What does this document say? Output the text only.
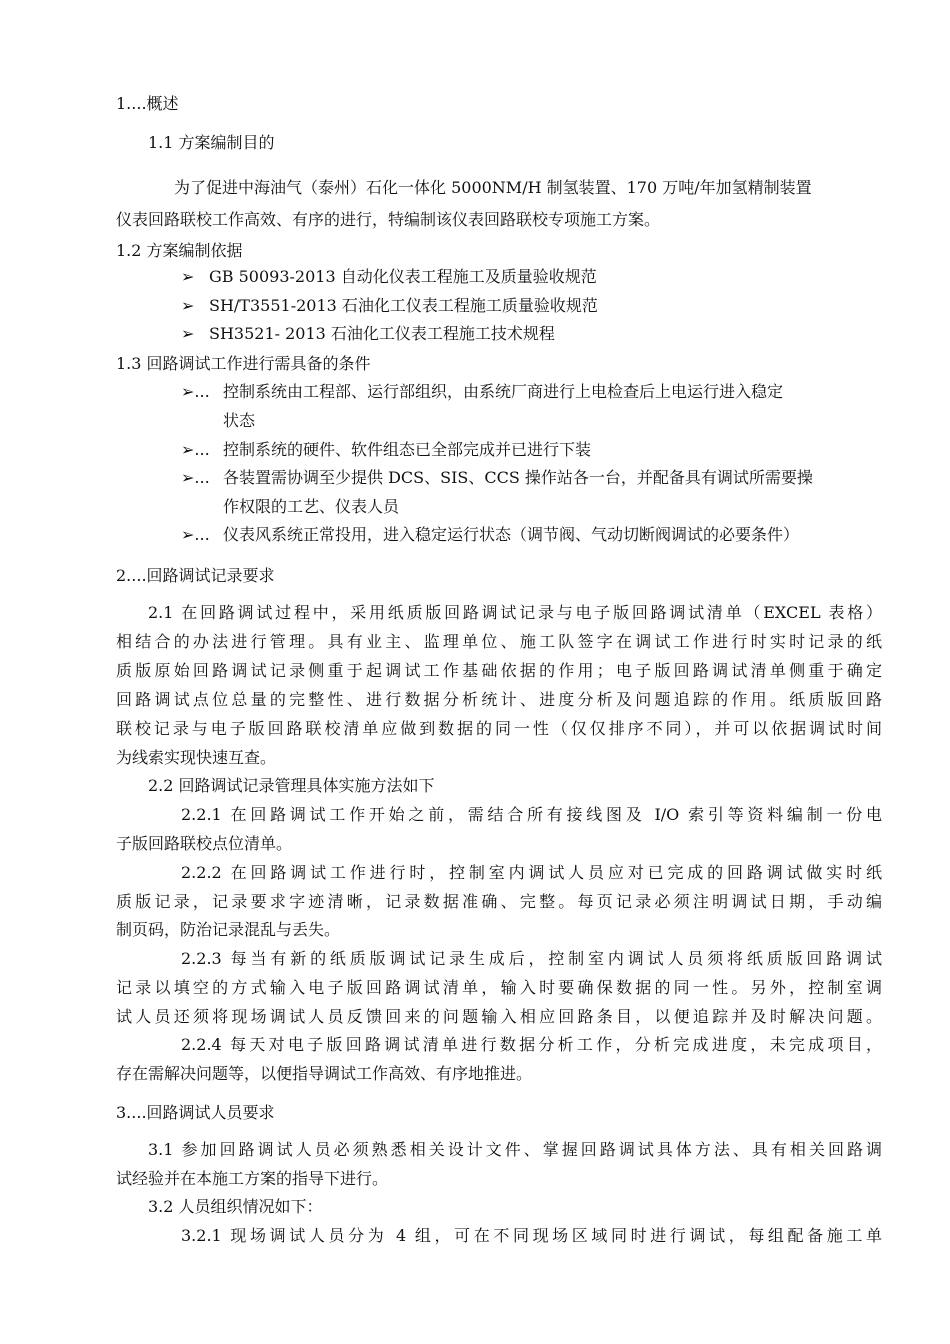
1....概述
1.1 方案编制目的
为了促进中海油气（泰州）石化一体化 5000NM/H 制氢装置、170 万吨/年加氢精制装置
仪表回路联校工作高效、有序的进行，特编制该仪表回路联校专项施工方案。
1.2 方案编制依据
➢ GB 50093-2013 自动化仪表工程施工及质量验收规范
➢ SH/T3551-2013 石油化工仪表工程施工质量验收规范
➢ SH3521- 2013 石油化工仪表工程施工技术规程
1.3 回路调试工作进行需具备的条件
➢... 控制系统由工程部、运行部组织，由系统厂商进行上电检查后上电运行进入稳定
状态
➢... 控制系统的硬件、软件组态已全部完成并已进行下装
➢... 各装置需协调至少提供 DCS、SIS、CCS 操作站各一台，并配备具有调试所需要操
作权限的工艺、仪表人员
➢... 仪表风系统正常投用，进入稳定运行状态（调节阀、气动切断阀调试的必要条件）
2....回路调试记录要求
2.1 在回路调试过程中，采用纸质版回路调试记录与电子版回路调试清单（EXCEL 表格）
相结合的办法进行管理。具有业主、监理单位、施工队签字在调试工作进行时实时记录的纸
质版原始回路调试记录侧重于起调试工作基础依据的作用；电子版回路调试清单侧重于确定
回路调试点位总量的完整性、进行数据分析统计、进度分析及问题追踪的作用。纸质版回路
联校记录与电子版回路联校清单应做到数据的同一性（仅仅排序不同），并可以依据调试时间
为线索实现快速互查。
2.2 回路调试记录管理具体实施方法如下
2.2.1 在回路调试工作开始之前，需结合所有接线图及 I/O 索引等资料编制一份电
子版回路联校点位清单。
2.2.2 在回路调试工作进行时，控制室内调试人员应对已完成的回路调试做实时纸
质版记录，记录要求字迹清晰，记录数据准确、完整。每页记录必须注明调试日期，手动编
制页码，防治记录混乱与丢失。
2.2.3 每当有新的纸质版调试记录生成后，控制室内调试人员须将纸质版回路调试
记录以填空的方式输入电子版回路调试清单，输入时要确保数据的同一性。另外，控制室调
试人员还须将现场调试人员反馈回来的问题输入相应回路条目，以便追踪并及时解决问题。
2.2.4 每天对电子版回路调试清单进行数据分析工作，分析完成进度，未完成项目，
存在需解决问题等，以便指导调试工作高效、有序地推进。
3....回路调试人员要求
3.1 参加回路调试人员必须熟悉相关设计文件、掌握回路调试具体方法、具有相关回路调
试经验并在本施工方案的指导下进行。
3.2 人员组织情况如下：
3.2.1 现场调试人员分为 4 组，可在不同现场区域同时进行调试，每组配备施工单
